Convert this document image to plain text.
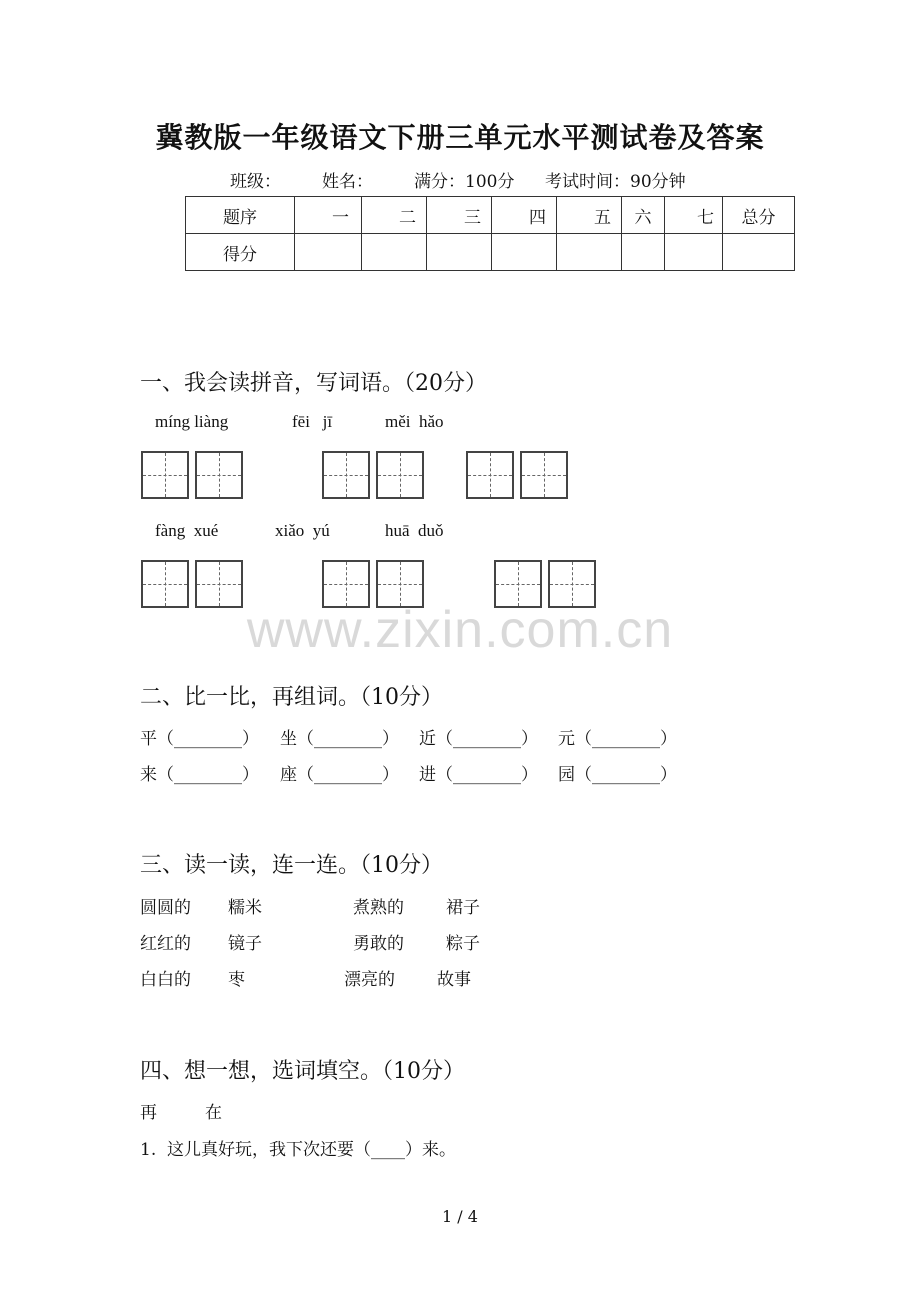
冀教版一年级语文下册三单元水平测试卷及答案
班级： 姓名： 满分：100分 考试时间：90分钟
题序	一	二	三	四	五	六	七	总分
得分								
一、我会读拼音，写词语。（20分）
míng liàng	fēi   jī	měi  hǎo
fàng  xué	xiǎo  yú	huā  duǒ
www.zixin.com.cn
二、比一比，再组词。（10分）
平（________） 坐（________） 近（________） 元（________）
来（________） 座（________） 进（________） 园（________）
三、读一读，连一连。（10分）
圆圆的 糯米	煮熟的 裙子
红红的 镜子	勇敢的 粽子
白白的 枣	漂亮的 故事
四、想一想，选词填空。（10分）
再	在
1.  这儿真好玩，我下次还要（____）来。
1 / 4
